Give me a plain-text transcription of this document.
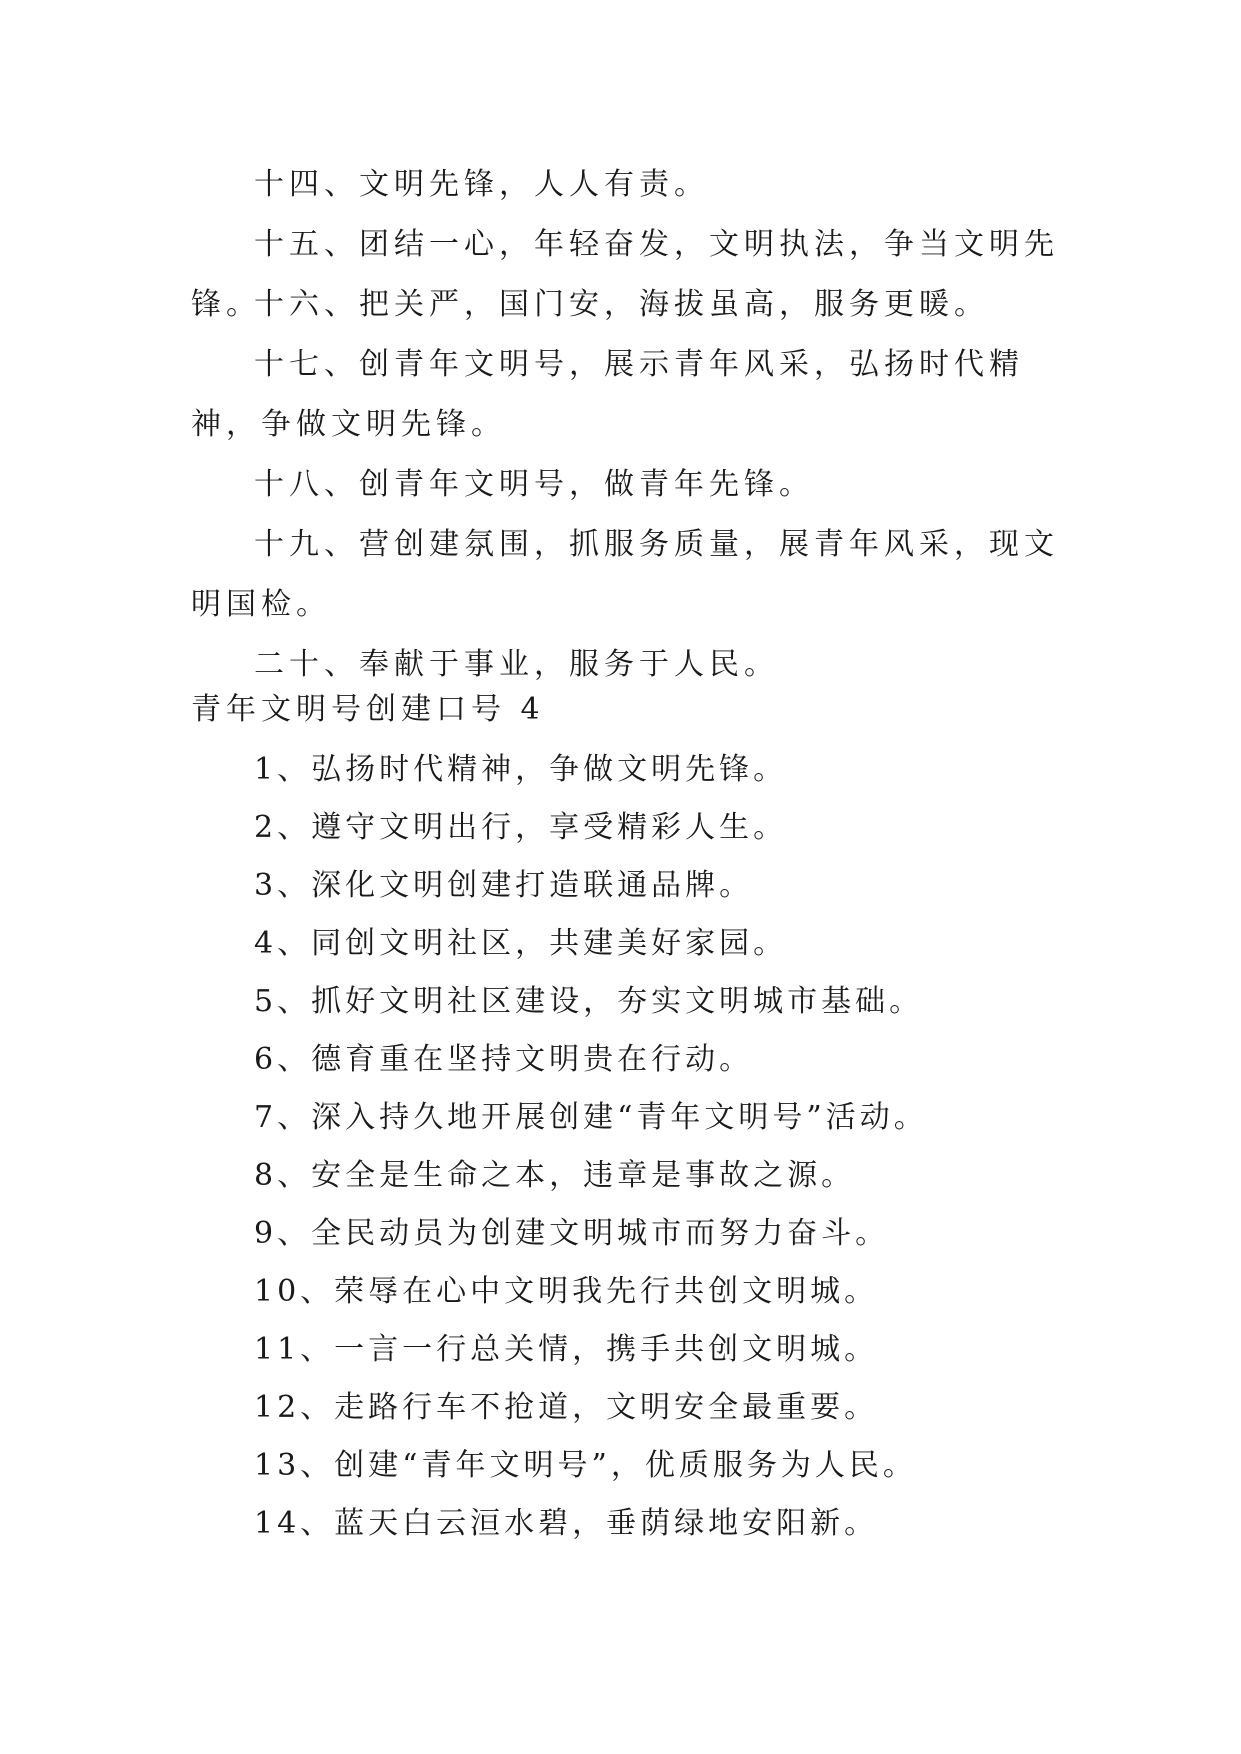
十四、文明先锋，人人有责。

十五、团结一心，年轻奋发，文明执法，争当文明先锋。

十六、把关严，国门安，海拔虽高，服务更暖。

十七、创青年文明号，展示青年风采，弘扬时代精神，争做文明先锋。

十八、创青年文明号，做青年先锋。

十九、营创建氛围，抓服务质量，展青年风采，现文明国检。

二十、奉献于事业，服务于人民。

青年文明号创建口号 4

1、弘扬时代精神，争做文明先锋。

2、遵守文明出行，享受精彩人生。

3、深化文明创建打造联通品牌。

4、同创文明社区，共建美好家园。

5、抓好文明社区建设，夯实文明城市基础。

6、德育重在坚持文明贵在行动。

7、深入持久地开展创建“青年文明号”活动。

8、安全是生命之本，违章是事故之源。

9、全民动员为创建文明城市而努力奋斗。

10、荣辱在心中文明我先行共创文明城。

11、一言一行总关情，携手共创文明城。

12、走路行车不抢道，文明安全最重要。

13、创建“青年文明号”，优质服务为人民。

14、蓝天白云洹水碧，垂荫绿地安阳新。
